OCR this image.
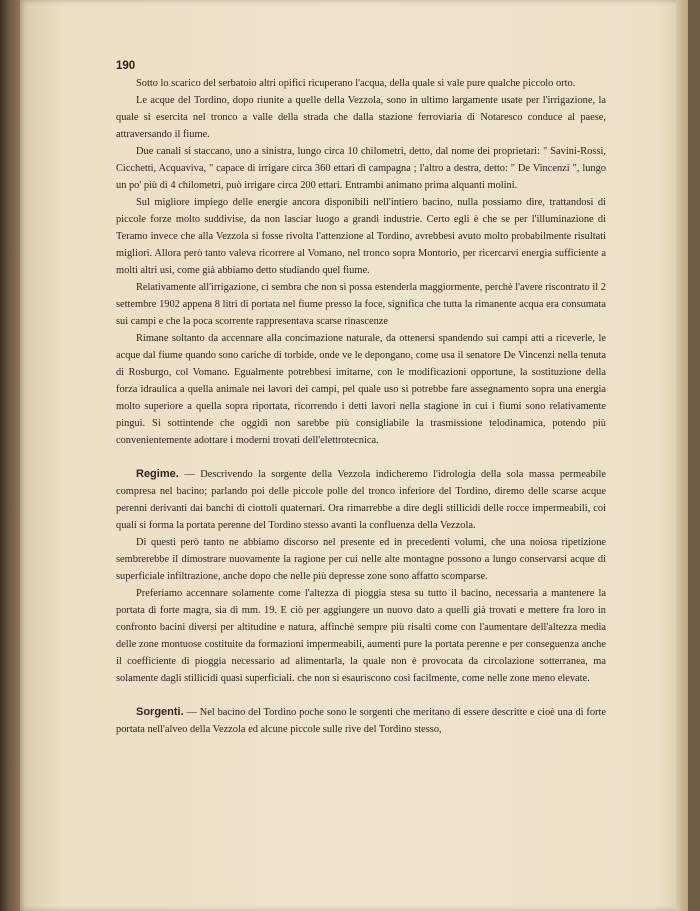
190

Sotto lo scarico del serbatoio altri opifici ricuperano l'acqua, della quale si vale pure qualche piccolo orto.

Le acque del Tordino, dopo riunite a quelle della Vezzola, sono in ultimo largamente usate per l'irrigazione, la quale si esercita nel tronco a valle della strada che dalla stazione ferroviaria di Notaresco conduce al paese, attraversando il fiume.

Due canali si staccano, uno a sinistra, lungo circa 10 chilometri, detto, dal nome dei proprietari: " Savini-Rossi, Cicchetti, Acquaviva, " capace di irrigare circa 360 ettari di campagna ; l'altro a destra, detto: " De Vincenzi ", lungo un po' più di 4 chilometri, può irrigare circa 200 ettari. Entrambi animano prima alquanti molini.

Sul migliore impiego delle energie ancora disponibili nell'intiero bacino, nulla possiamo dire, trattandosi di piccole forze molto suddivise, da non lasciar luogo a grandi industrie. Certo egli è che se per l'illuminazione di Teramo invece che alla Vezzola si fosse rivolta l'attenzione al Tordino, avrebbesi avuto molto probabilmente risultati migliori. Allora però tanto valeva ricorrere al Vomano, nel tronco sopra Montorio, per ricercarvi energia sufficiente a molti altri usi, come già abbiamo detto studiando quel fiume.

Relativamente all'irrigazione, ci sembra che non si possa estenderla maggiormente, perchè l'avere riscontrato il 2 settembre 1902 appena 8 litri di portata nel fiume presso la foce, significa che tutta la rimanente acqua era consumata sui campi e che la poca scorrente rappresentava scarse rinascenze

Rimane soltanto da accennare alla concimazione naturale, da ottenersi spandendo sui campi atti a riceverle, le acque dal fiume quando sono cariche di torbide, onde ve le depongano, come usa il senatore De Vincenzi nella tenuta di Rosburgo, col Vomano. Egualmente potrebbesi imitarne, con le modificazioni opportune, la sostituzione della forza idraulica a quella animale nei lavori dei campi, pel quale uso si potrebbe fare assegnamento sopra una energia molto superiore a quella sopra riportata, ricorrendo i detti lavori nella stagione in cui i fiumi sono relativamente pingui. Si sottintende che oggidì non sarebbe più consigliabile la trasmissione telodinamica, potendo più convenientemente adottare i moderni trovati dell'elettrotecnica.

Regime. — Descrivendo la sorgente della Vezzola indicheremo l'idrologia della sola massa permeabile compresa nel bacino; parlando poi delle piccole polle del tronco inferiore del Tordino, diremo delle scarse acque perenni derivanti dai banchi di ciottoli quaternari. Ora rimarrebbe a dire degli stillicidi delle rocce impermeabili, coi quali si forma la portata perenne del Tordino stesso avanti la confluenza della Vezzola.

Di questi però tanto ne abbiamo discorso nel presente ed in precedenti volumi, che una noiosa ripetizione sembrerebbe il dimostrare nuovamente la ragione per cui nelle alte montagne possono a lungo conservarsi acque di superficiale infiltrazione, anche dopo che nelle più depresse zone sono affatto scomparse.

Preferiamo accennare solamente come l'altezza di pioggia stesa su tutto il bacino, necessaria a mantenere la portata di forte magra, sia di mm. 19. E ciò per aggiungere un nuovo dato a quelli già trovati e mettere fra loro in confronto bacini diversi per altitudine e natura, affinchè sempre più risalti come con l'aumentare dell'altezza media delle zone montuose costituite da formazioni impermeabili, aumenti pure la portata perenne e per conseguenza anche il coefficiente di pioggia necessario ad alimentarla, la quale non è provocata da circolazione sotterranea, ma solamente dagli stillicidi quasi superficiali. che non si esauriscono così facilmente, come nelle zone meno elevate.

Sorgenti. — Nel bacino del Tordino poche sono le sorgenti che meritano di essere descritte e cioè una di forte portata nell'alveo della Vezzola ed alcune piccole sulle rive del Tordino stesso,
